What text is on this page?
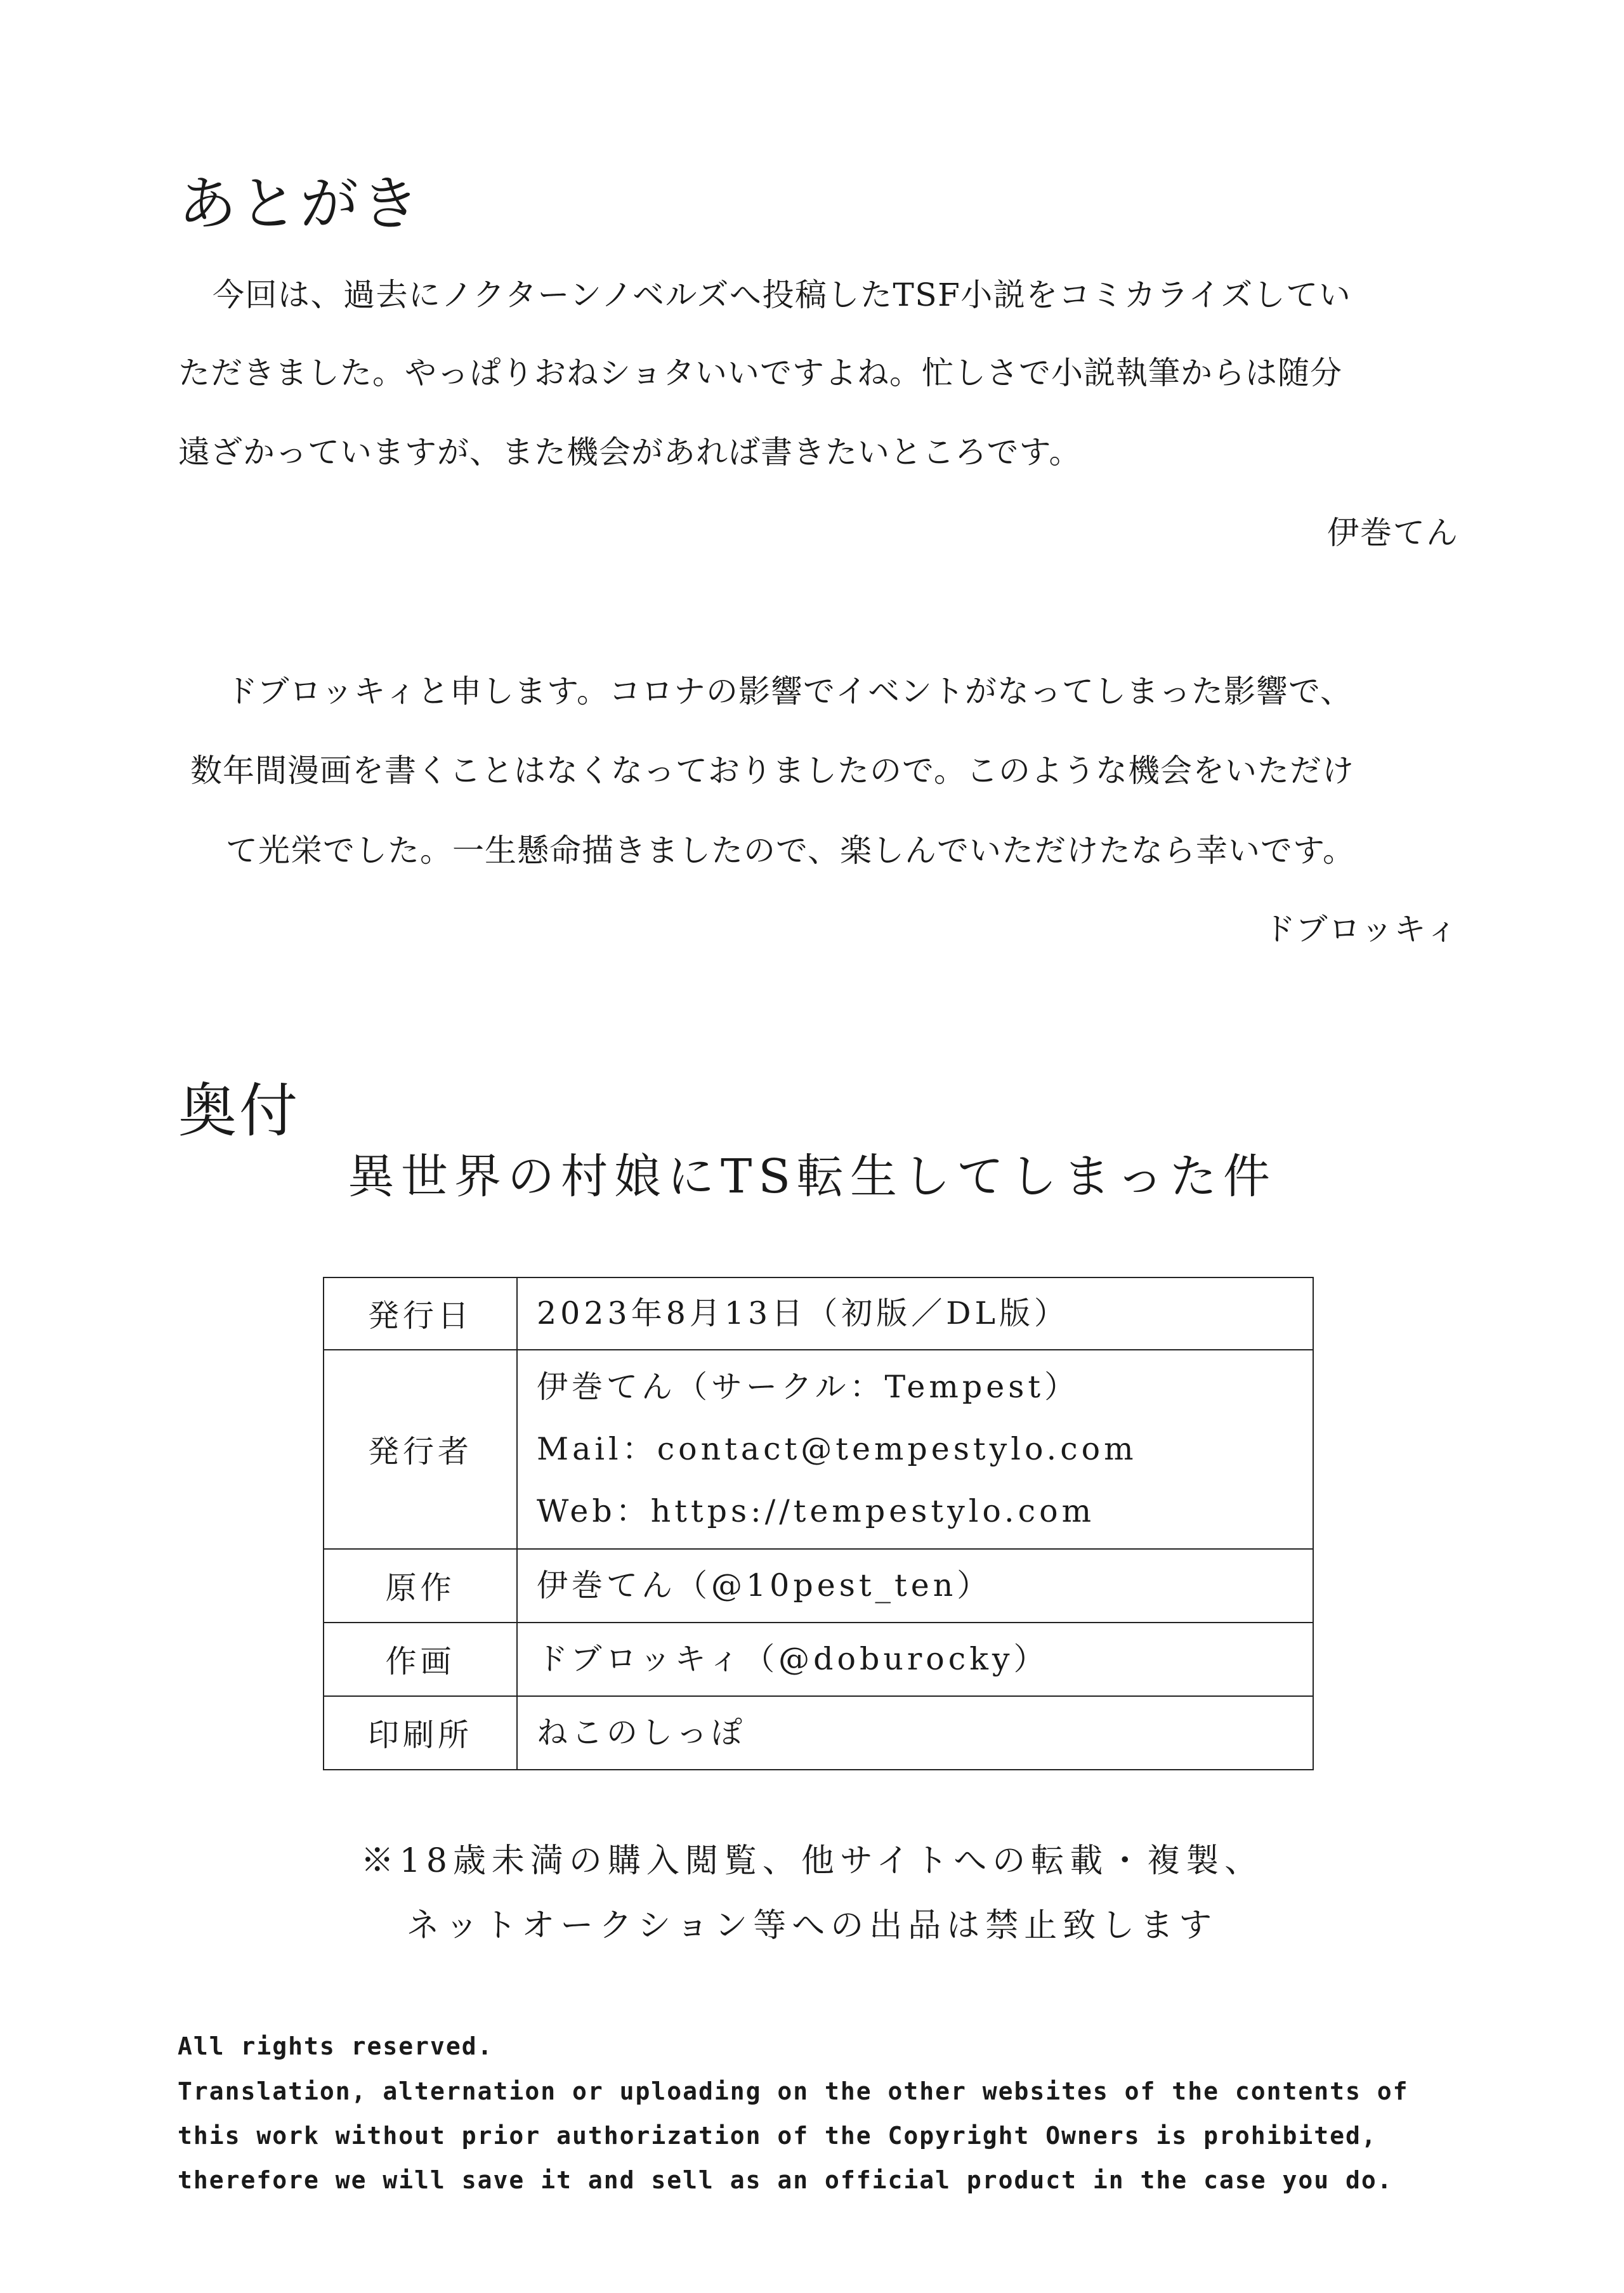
あとがき
今回は、過去にノクターンノベルズへ投稿したTSF小説をコミカライズしてい
ただきました。やっぱりおねショタいいですよね。忙しさで小説執筆からは随分
遠ざかっていますが、また機会があれば書きたいところです。
伊巻てん
ドブロッキィと申します。コロナの影響でイベントがなってしまった影響で、
数年間漫画を書くことはなくなっておりましたので。このような機会をいただけ
て光栄でした。一生懸命描きましたので、楽しんでいただけたなら幸いです。
ドブロッキィ
奥付
異世界の村娘にTS転生してしまった件
発行日	2023年8月13日（初版／DL版）

発行者	伊巻てん（サークル：Tempest）
Mail：contact@tempestylo.com
Web：https://tempestylo.com

原作	伊巻てん（@10pest_ten）

作画	ドブロッキィ（@doburocky）

印刷所	ねこのしっぽ
※18歳未満の購入閲覧、他サイトへの転載・複製、
ネットオークション等への出品は禁止致します
All rights reserved.
Translation, alternation or uploading on the other websites of the contents of
this work without prior authorization of the Copyright Owners is prohibited,
therefore we will save it and sell as an official product in the case you do.
